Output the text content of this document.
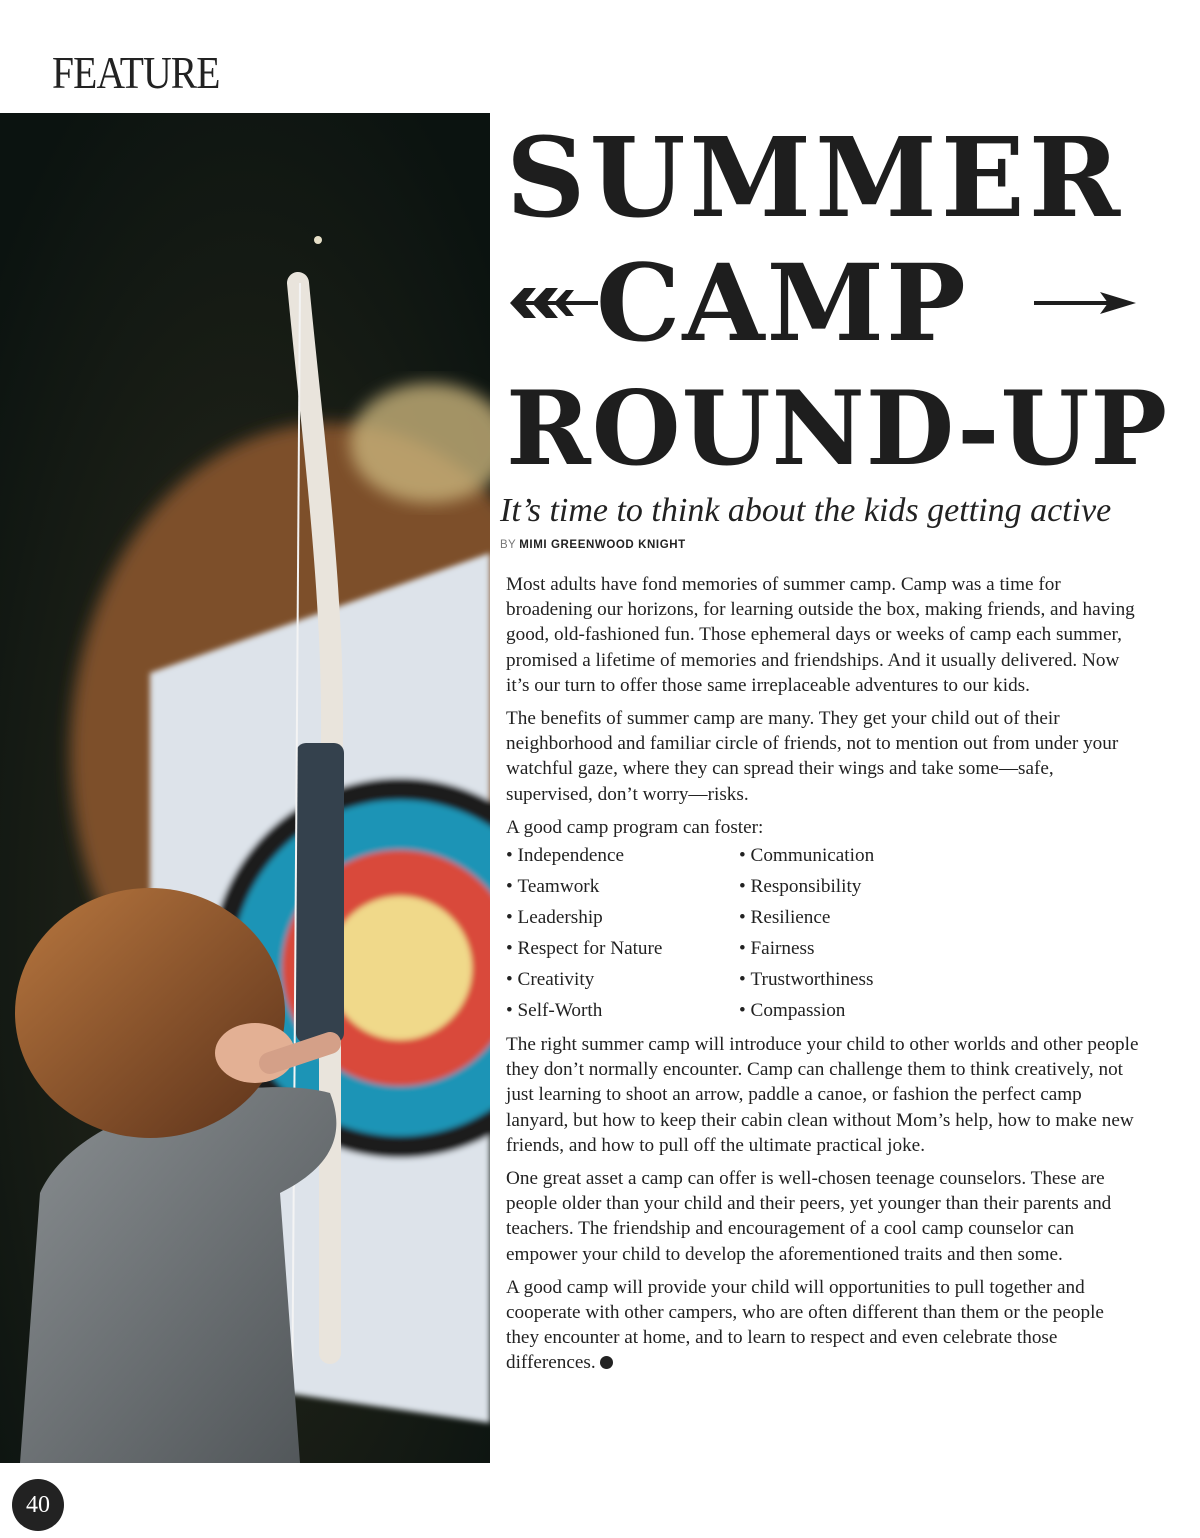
FEATURE
SUMMER
CAMP
ROUND-UP
It’s time to think about the kids getting active
BY MIMI GREENWOOD KNIGHT

Most adults have fond memories of summer camp. Camp was a time for broadening our horizons, for learning outside the box, making friends, and having good, old-fashioned fun. Those ephemeral days or weeks of camp each summer, promised a lifetime of memories and friendships. And it usually delivered. Now it’s our turn to offer those same irreplaceable adventures to our kids.

The benefits of summer camp are many. They get your child out of their neighborhood and familiar circle of friends, not to mention out from under your watchful gaze, where they can spread their wings and take some—safe, supervised, don’t worry—risks.

A good camp program can foster:

• Independence	• Communication
• Teamwork	• Responsibility
• Leadership	• Resilience
• Respect for Nature	• Fairness
• Creativity	• Trustworthiness
• Self-Worth	• Compassion

The right summer camp will introduce your child to other worlds and other people they don’t normally encounter. Camp can challenge them to think creatively, not just learning to shoot an arrow, paddle a canoe, or fashion the perfect camp lanyard, but how to keep their cabin clean without Mom’s help, how to make new friends, and how to pull off the ultimate practical joke.

One great asset a camp can offer is well-chosen teenage counselors. These are people older than your child and their peers, yet younger than their parents and teachers. The friendship and encouragement of a cool camp counselor can empower your child to develop the aforementioned traits and then some.

A good camp will provide your child will opportunities to pull together and cooperate with other campers, who are often different than them or the people they encounter at home, and to learn to respect and even celebrate those differences.

40
